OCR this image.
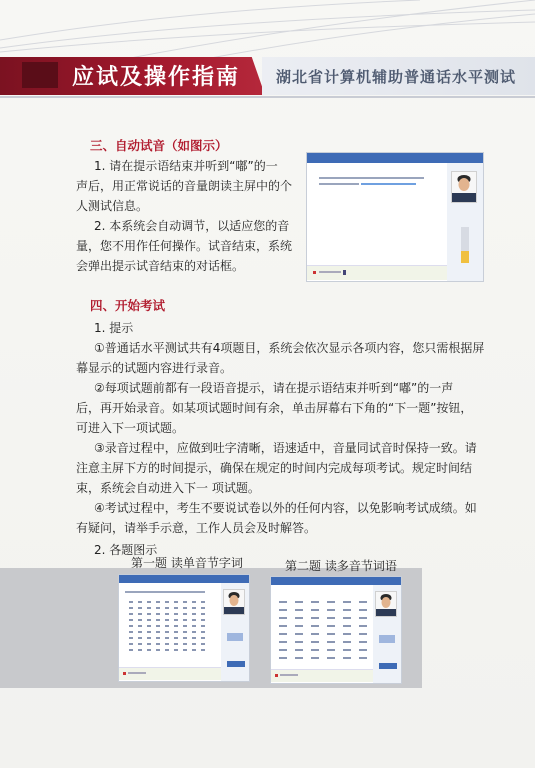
应试及操作指南 湖北省计算机辅助普通话水平测试
三、自动试音（如图示）
1. 请在提示语结束并听到“嘟”的一
声后，用正常说话的音量朗读主屏中的个
人测试信息。
2. 本系统会自动调节，以适应您的音
量，您不用作任何操作。试音结束，系统
会弹出提示试音结束的对话框。
四、开始考试
1. 提示
①普通话水平测试共有4项题目，系统会依次显示各项内容，您只需根据屏
幕显示的试题内容进行录音。
②每项试题前都有一段语音提示，请在提示语结束并听到“嘟”的一声
后，再开始录音。如某项试题时间有余，单击屏幕右下角的“下一题”按钮，
可进入下一项试题。
③录音过程中，应做到吐字清晰，语速适中，音量同试音时保持一致。请
注意主屏下方的时间提示，确保在规定的时间内完成每项考试。规定时间结
束，系统会自动进入下一 项试题。
④考试过程中，考生不要说试卷以外的任何内容，以免影响考试成绩。如
有疑问，请举手示意，工作人员会及时解答。
2. 各题图示
第一题 读单音节字词	第二题 读多音节词语
